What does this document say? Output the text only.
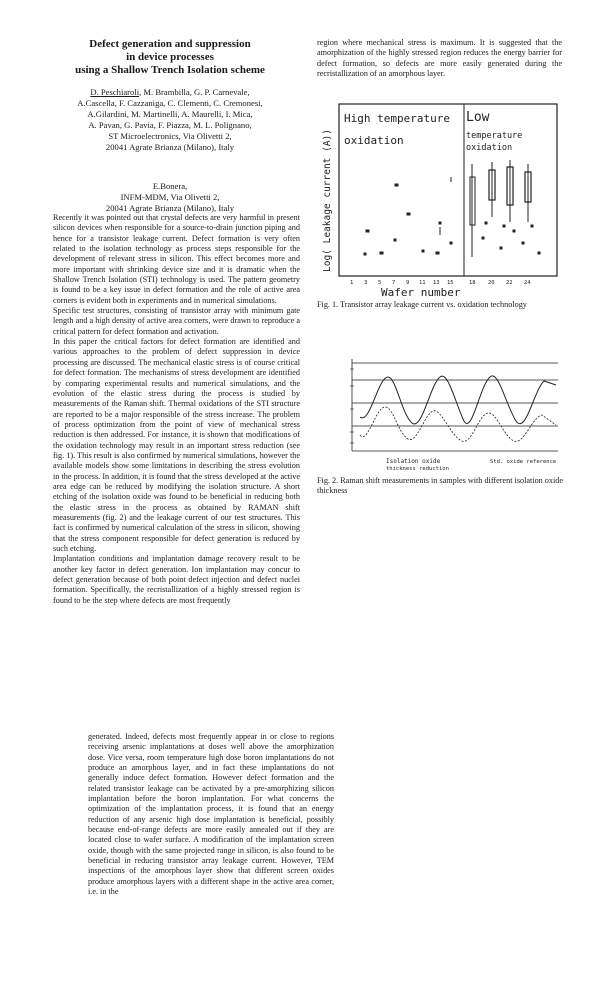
Defect generation and suppression
in device processes
using a Shallow Trench Isolation scheme
D. Peschiaroli, M. Brambilla, G. P. Carnevale,
A.Cascella, F. Cazzaniga, C. Clementi, C. Cremonesi,
A.Gilardini, M. Martinelli, A. Maurelli, I. Mica,
A. Pavan, G. Pavia, F. Piazza, M. L. Polignano,
ST Microelectronics, Via Olivetti 2,
20041 Agrate Brianza (Milano), Italy
E.Bonera,
INFM-MDM, Via Olivetti 2,
20041 Agrate Brianza (Milano), Italy

Recently it was pointed out that crystal defects are very harmful in present silicon devices when responsible for a source-to-drain junction piping and hence for a transistor leakage current. Defect formation is very often related to the isolation technology as process steps responsible for the development of relevant stress in silicon. This effect becomes more and more important with shrinking device size and it is dramatic when the Shallow Trench Isolation (STI) technology is used. The pattern geometry is found to be a key issue in defect formation and the role of active area corners is evident both in experiments and in numerical simulations.

Specific test structures, consisting of transistor array with minimum gate length and a high density of active area corners, were drawn to reproduce a critical pattern for defect formation and activation.

In this paper the critical factors for defect formation are identified and various approaches to the problem of defect suppression in device processing are discussed. The mechanical elastic stress is of course critical for defect formation. The mechanisms of stress development are identified by comparing experimental results and numerical simulations, and the evolution of the elastic stress during the process is studied by measurements of the Raman shift. Thermal oxidations of the STI structure are reported to be a major responsible of the stress increase. The problem of process optimization from the point of view of mechanical stress reduction is then addressed. For instance, it is shown that modifications of the oxidation technology may result in an important stress reduction (see fig. 1). This result is also confirmed by numerical simulations, however the available models show some limitations in describing the stress evolution in the process. In addition, it is found that the stress developed at the active area edge can be reduced by modifying the isolation structure. A short etching of the isolation oxide was found to be beneficial in reducing both the elastic stress in the process as obtained by RAMAN shift measurements (fig. 2) and the leakage current of our test structures. This fact is confirmed by numerical calculation of the stress in silicon, showing that the stress component responsible for defect generation is reduced by such etching.

Implantation conditions and implantation damage recovery result to be another key factor in defect generation. Ion implantation may concur to defect generation because of both point defect injection and defect nuclei formation. Specifically, the recristallization of a highly stressed region is found to be the step where defects are most frequently

generated. Indeed, defects most frequently appear in or close to regions receiving arsenic implantations at doses well above the amorphization dose. Vice versa, room temperature high dose boron implantations do not produce an amorphous layer, and in fact these implantations do not generally induce defect formation. However defect formation and the related transistor leakage can be activated by a pre-amorphizing silicon implantation before the boron implantation. For what concerns the optimization of the implantation process, it is found that an energy reduction of any arsenic high dose implantation is beneficial, possibly because end-of-range defects are more easily annealed out if they are located close to wafer surface. A modification of the implantation screen oxide, though with the same projected range in silicon, is also found to be beneficial in reducing transistor array leakage current. However, TEM inspections of the amorphous layer show that different screen oxides produce amorphous layers with a different shape in the active area corner, i.e. in the
region where mechanical stress is maximum. It is suggested that the amorphization of the highly stressed region reduces the energy barrier for defect formation, so defects are more easily generated during the recristallization of an amorphous layer.
Log( Leakage current (A))
High temperature
oxidation
Low
temperature
oxidation
1 3 5 7 9 11 13 15	18 20 22 24
Wafer number
Fig. 1. Transistor array leakage current vs. oxidation technology
Isolation oxide
thickness reduction
Std. oxide reference
Fig. 2. Raman shift measurements in samples with different isolation oxide thickness
